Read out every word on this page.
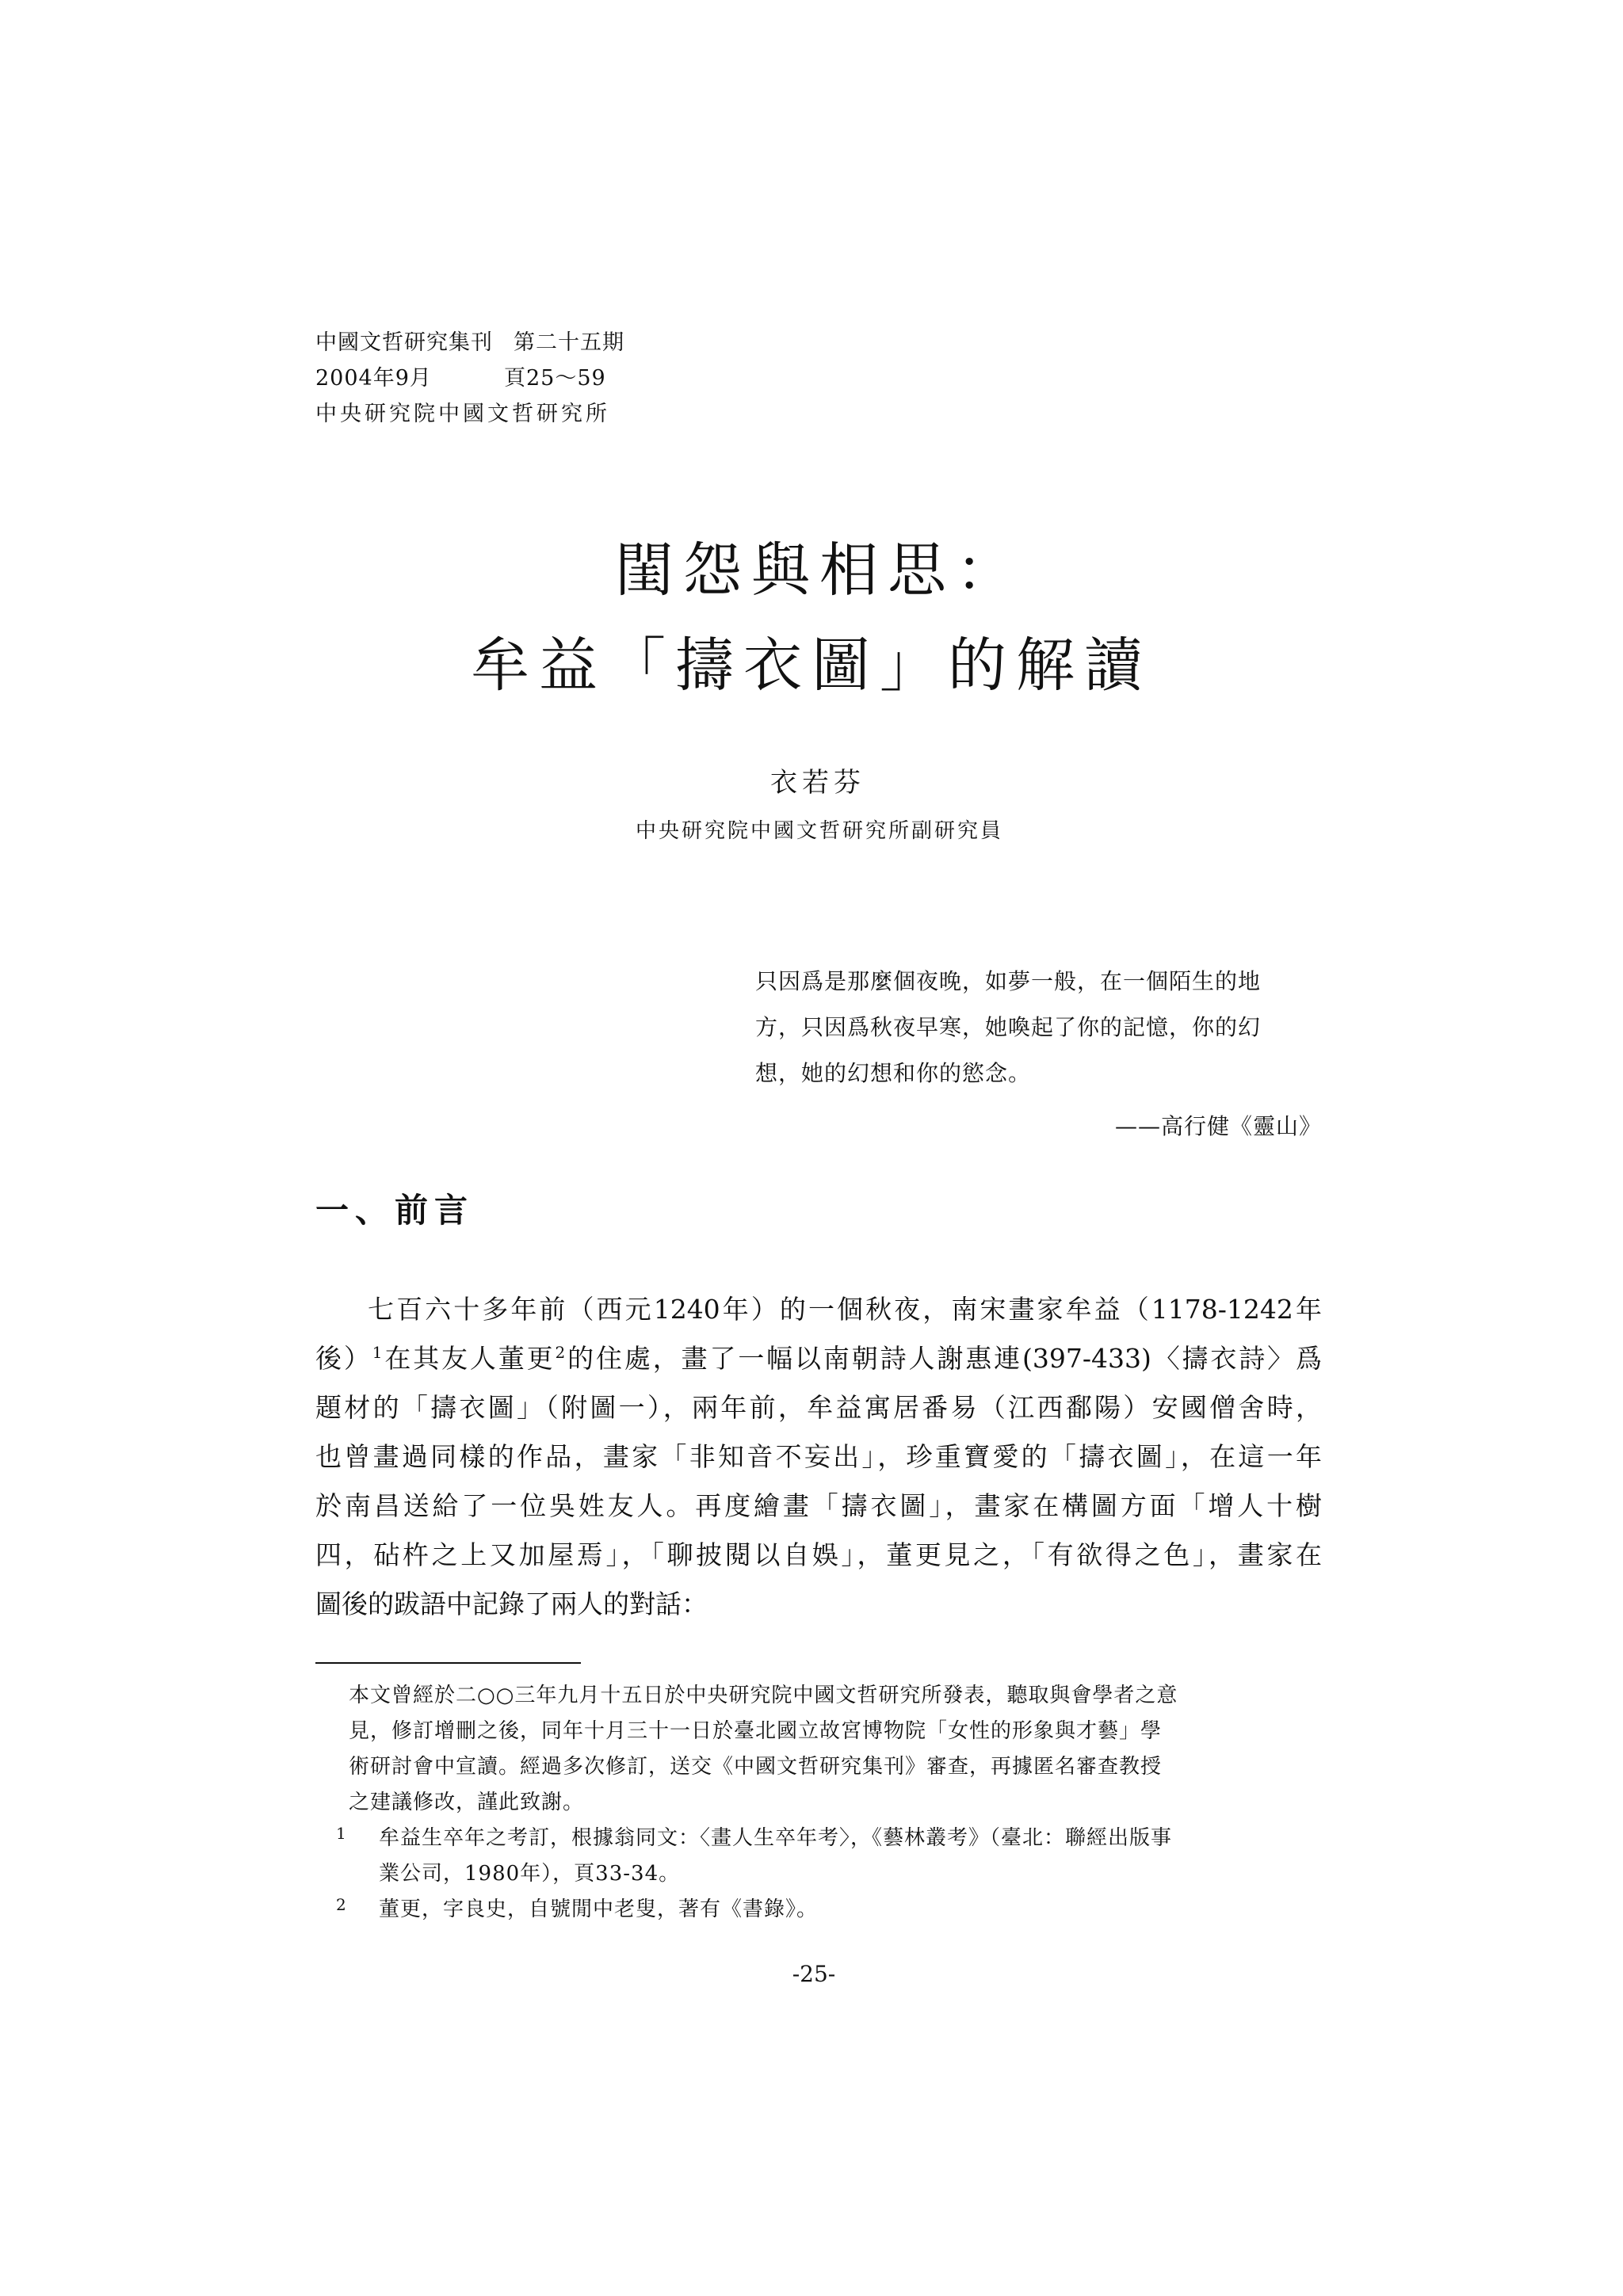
中國文哲研究集刊 第二十五期
2004年9月	頁25～59
中央研究院中國文哲研究所
閨怨與相思：
牟益「擣衣圖」的解讀
衣若芬
中央研究院中國文哲研究所副研究員
只因爲是那麼個夜晚，如夢一般，在一個陌生的地
方，只因爲秋夜早寒，她喚起了你的記憶，你的幻
想，她的幻想和你的慾念。
——高行健《靈山》
一、前言
七百六十多年前（西元1240年）的一個秋夜，南宋畫家牟益（1178-1242年
後）$^1$在其友人董更$^2$的住處，畫了一幅以南朝詩人謝惠連(397-433)〈擣衣詩〉爲
題材的「擣衣圖」（附圖一），兩年前，牟益寓居番易（江西鄱陽）安國僧舍時，
也曾畫過同樣的作品，畫家「非知音不妄出」，珍重寶愛的「擣衣圖」，在這一年
於南昌送給了一位吳姓友人。再度繪畫「擣衣圖」，畫家在構圖方面「增人十樹
四，砧杵之上又加屋焉」，「聊披閱以自娛」，董更見之，「有欲得之色」，畫家在
圖後的跋語中記錄了兩人的對話：
本文曾經於二○○三年九月十五日於中央研究院中國文哲研究所發表，聽取與會學者之意
見，修訂增刪之後，同年十月三十一日於臺北國立故宮博物院「女性的形象與才藝」學
術研討會中宣讀。經過多次修訂，送交《中國文哲研究集刊》審查，再據匿名審查教授
之建議修改，謹此致謝。
1	牟益生卒年之考訂，根據翁同文：〈畫人生卒年考〉，《藝林叢考》（臺北：聯經出版事
業公司，1980年），頁33-34。
2	董更，字良史，自號閒中老叟，著有《書錄》。
-25-
